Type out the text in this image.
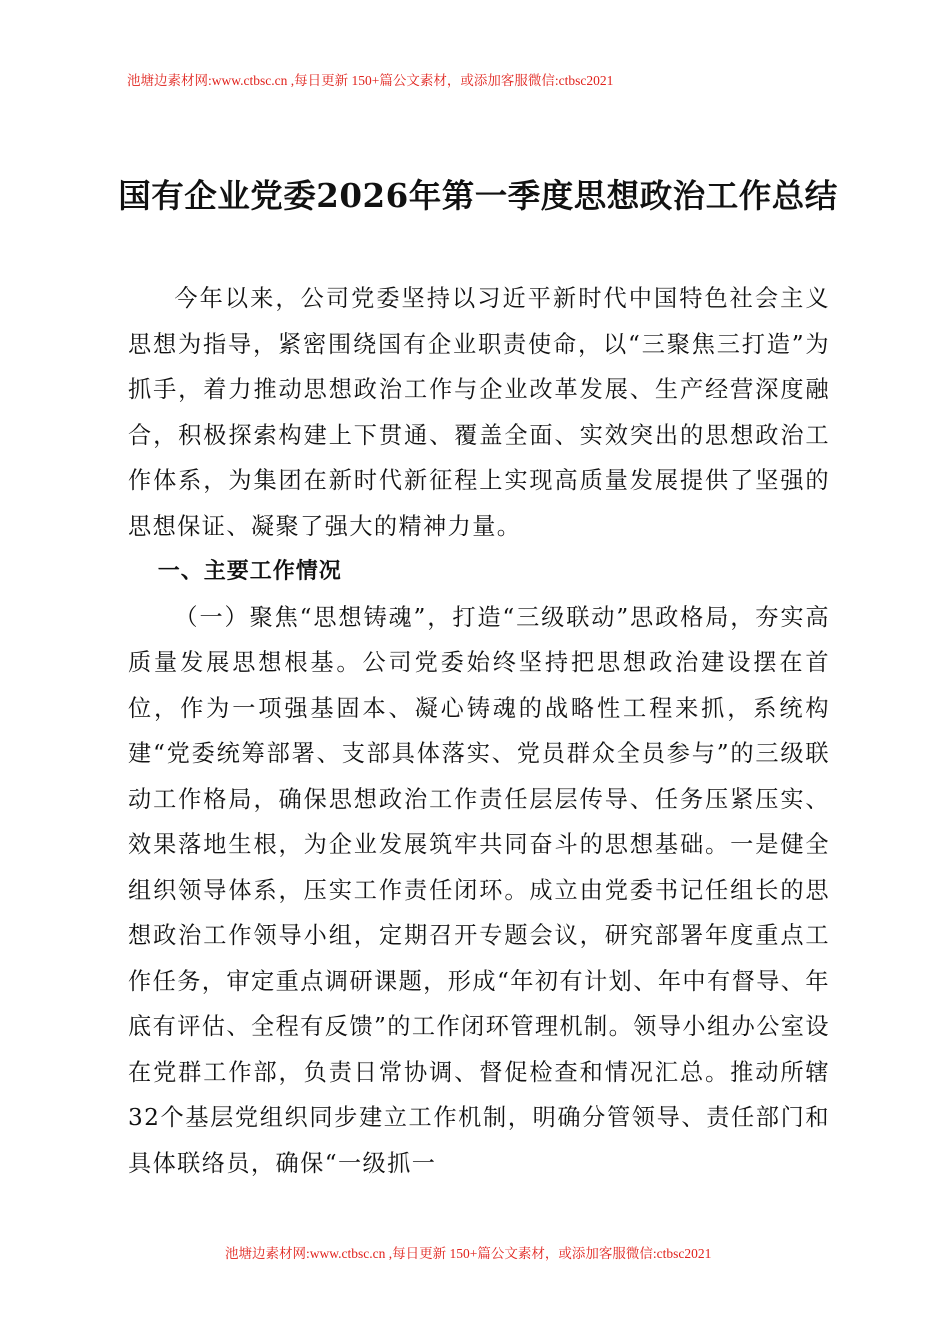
池塘边素材网:www.ctbsc.cn ,每日更新 150+篇公文素材，或添加客服微信:ctbsc2021
国有企业党委2026年第一季度思想政治工作总结

今年以来，公司党委坚持以习近平新时代中国特色社会主义思想为指导，紧密围绕国有企业职责使命，以“三聚焦三打造”为抓手，着力推动思想政治工作与企业改革发展、生产经营深度融合，积极探索构建上下贯通、覆盖全面、实效突出的思想政治工作体系，为集团在新时代新征程上实现高质量发展提供了坚强的思想保证、凝聚了强大的精神力量。

一、主要工作情况

（一）聚焦“思想铸魂”，打造“三级联动”思政格局，夯实高质量发展思想根基。公司党委始终坚持把思想政治建设摆在首位，作为一项强基固本、凝心铸魂的战略性工程来抓，系统构建“党委统筹部署、支部具体落实、党员群众全员参与”的三级联动工作格局，确保思想政治工作责任层层传导、任务压紧压实、效果落地生根，为企业发展筑牢共同奋斗的思想基础。一是健全组织领导体系，压实工作责任闭环。成立由党委书记任组长的思想政治工作领导小组，定期召开专题会议，研究部署年度重点工作任务，审定重点调研课题，形成“年初有计划、年中有督导、年底有评估、全程有反馈”的工作闭环管理机制。领导小组办公室设在党群工作部，负责日常协调、督促检查和情况汇总。推动所辖32个基层党组织同步建立工作机制，明确分管领导、责任部门和具体联络员，确保“一级抓一

池塘边素材网:www.ctbsc.cn ,每日更新 150+篇公文素材，或添加客服微信:ctbsc2021
